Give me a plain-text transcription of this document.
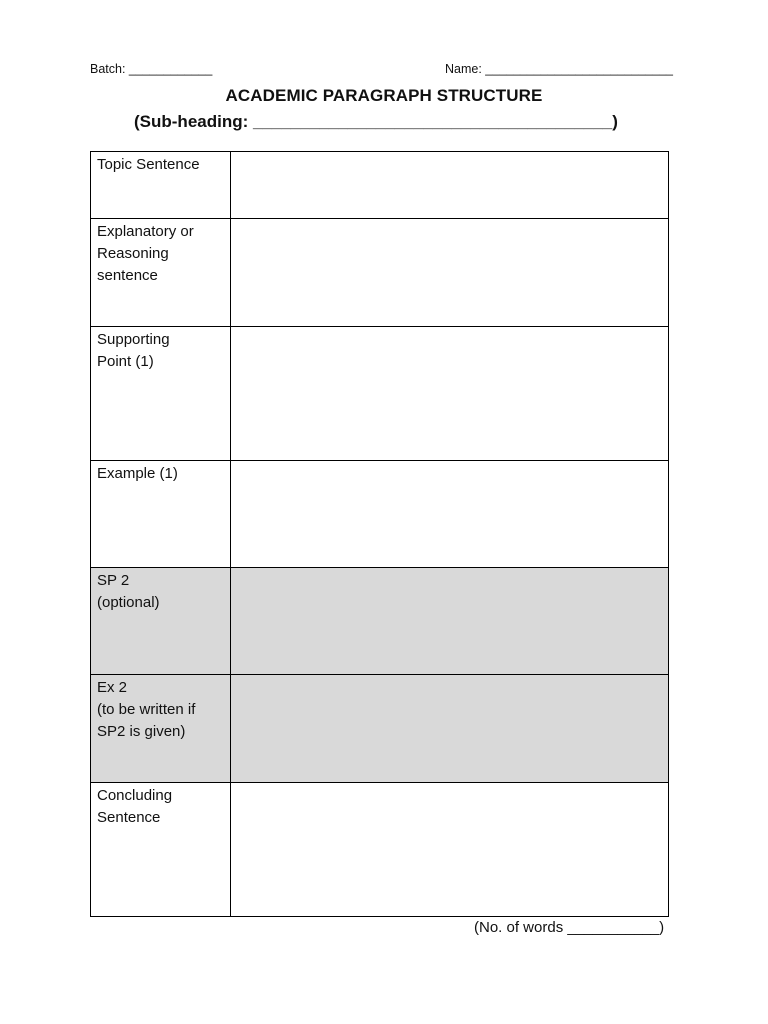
Batch: ____________	Name: ___________________________
ACADEMIC PARAGRAPH STRUCTURE
(Sub-heading: ______________________________________)
Topic Sentence	

Explanatory or
Reasoning
sentence	

Supporting
Point (1)	

Example (1)	

SP 2
(optional)	

Ex 2
(to be written if
SP2 is given)	

Concluding
Sentence	

(No. of words ___________)
